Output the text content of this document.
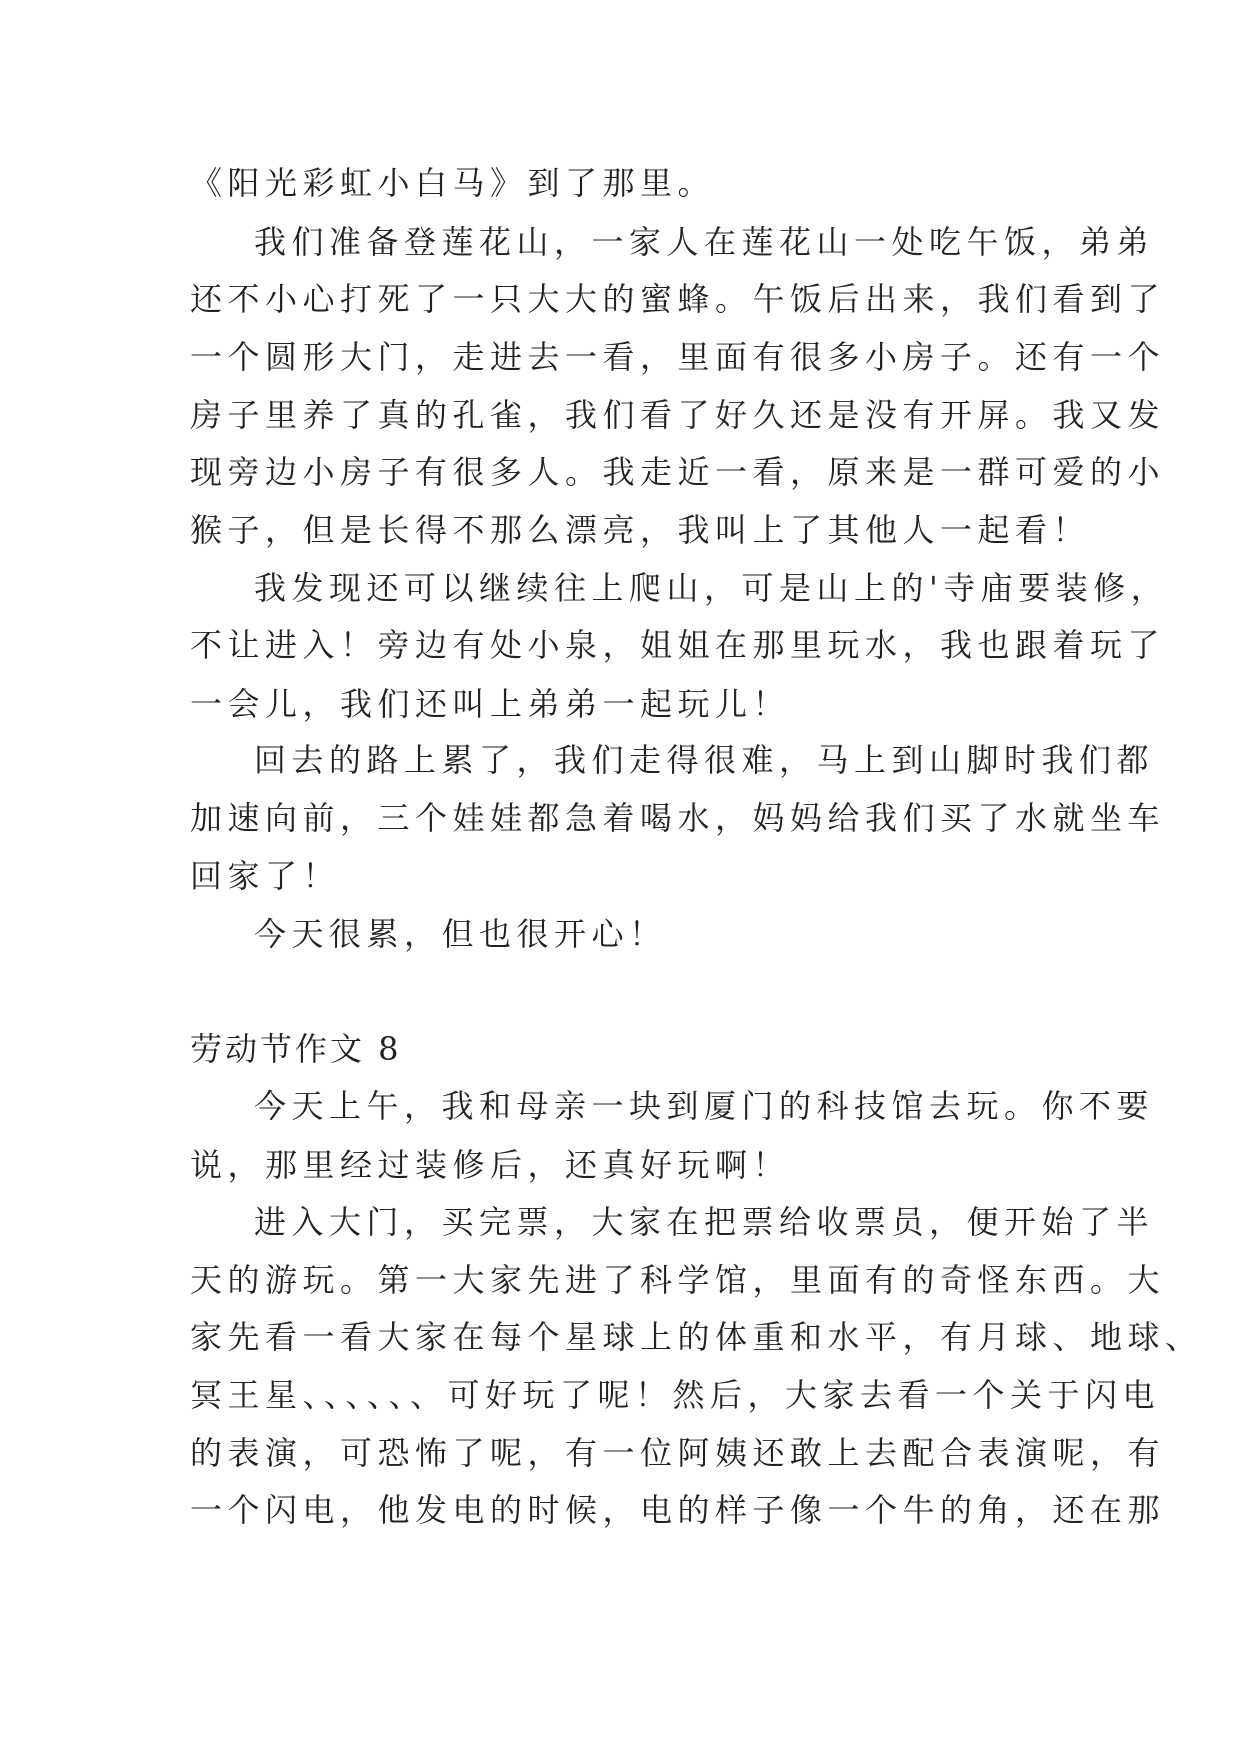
《阳光彩虹小白马》到了那里。
我们准备登莲花山，一家人在莲花山一处吃午饭，弟弟
还不小心打死了一只大大的蜜蜂。午饭后出来，我们看到了
一个圆形大门，走进去一看，里面有很多小房子。还有一个
房子里养了真的孔雀，我们看了好久还是没有开屏。我又发
现旁边小房子有很多人。我走近一看，原来是一群可爱的小
猴子，但是长得不那么漂亮，我叫上了其他人一起看！
我发现还可以继续往上爬山，可是山上的'寺庙要装修，
不让进入！旁边有处小泉，姐姐在那里玩水，我也跟着玩了
一会儿，我们还叫上弟弟一起玩儿！
回去的路上累了，我们走得很难，马上到山脚时我们都
加速向前，三个娃娃都急着喝水，妈妈给我们买了水就坐车
回家了！
今天很累，但也很开心！
劳动节作文 8
今天上午，我和母亲一块到厦门的科技馆去玩。你不要
说，那里经过装修后，还真好玩啊！
进入大门，买完票，大家在把票给收票员，便开始了半
天的游玩。第一大家先进了科学馆，里面有的奇怪东西。大
家先看一看大家在每个星球上的体重和水平，有月球、地球、
冥王星、、、、、、可好玩了呢！然后，大家去看一个关于闪电
的表演，可恐怖了呢，有一位阿姨还敢上去配合表演呢，有
一个闪电，他发电的时候，电的样子像一个牛的角，还在那
